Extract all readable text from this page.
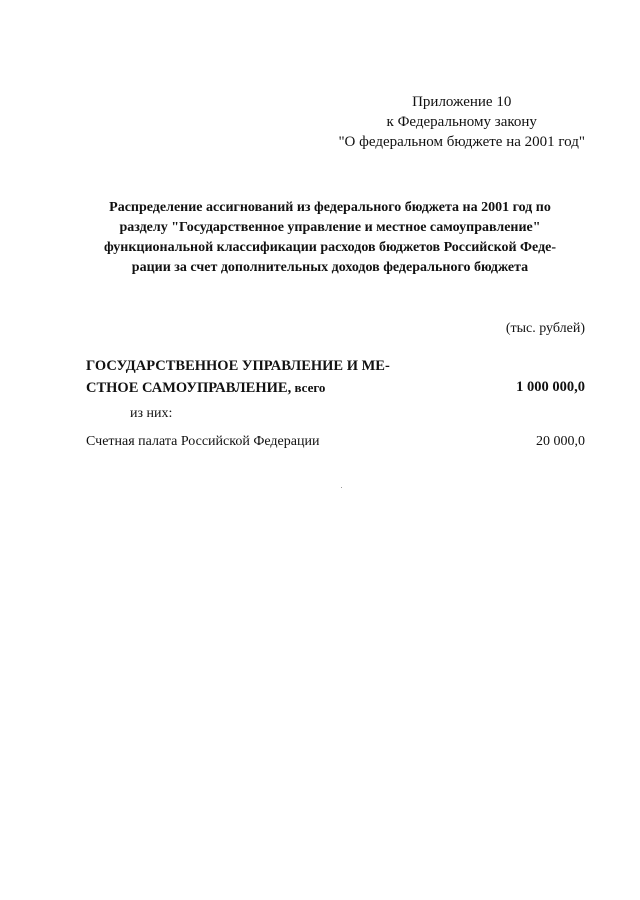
Приложение 10
к Федеральному закону
"О федеральном бюджете на 2001 год"
Распределение ассигнований из федерального бюджета на 2001 год по
разделу "Государственное управление и местное самоуправление"
функциональной классификации расходов бюджетов Российской Феде-
рации за счет дополнительных доходов федерального бюджета
(тыс. рублей)
ГОСУДАРСТВЕННОЕ УПРАВЛЕНИЕ И МЕ-
СТНОЕ САМОУПРАВЛЕНИЕ, всего	1 000 000,0
из них:
Счетная палата Российской Федерации	20 000,0
